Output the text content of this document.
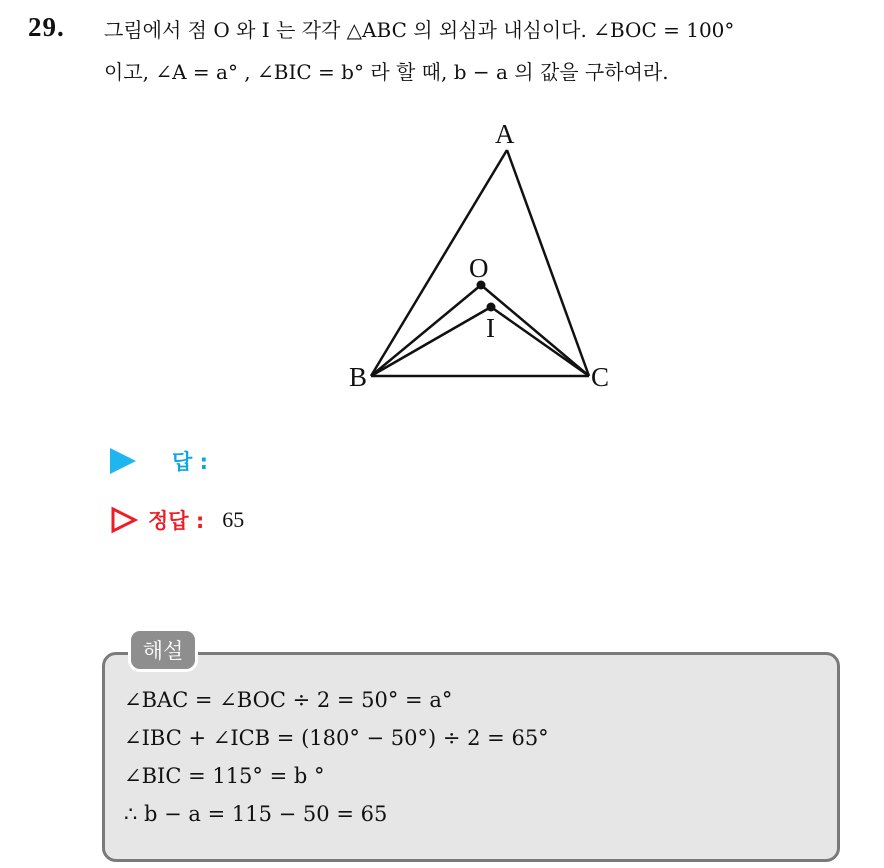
29. 그림에서 점 O 와 I 는 각각 △ABC 의 외심과 내심이다. ∠BOC = 100°
이고, ∠A = a° , ∠BIC = b° 라 할 때, b − a 의 값을 구하여라.
A
B	C
O
I
답 :
정답 : 65
해설
∠BAC = ∠BOC ÷ 2 = 50° = a°
∠IBC + ∠ICB = (180° − 50°) ÷ 2 = 65°
∠BIC = 115° = b °
∴ b − a = 115 − 50 = 65
